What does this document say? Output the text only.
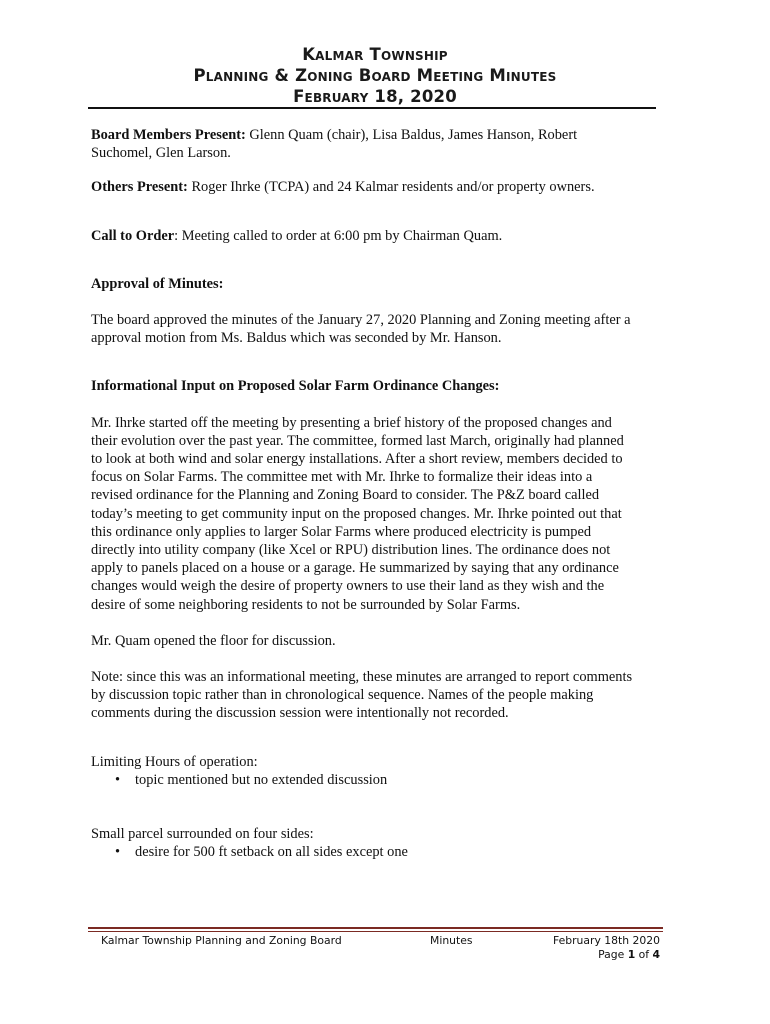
Kalmar Township
Planning & Zoning Board Meeting Minutes
February 18, 2020

Board Members Present: Glenn Quam (chair), Lisa Baldus, James Hanson, Robert
Suchomel, Glen Larson.

Others Present: Roger Ihrke (TCPA) and 24 Kalmar residents and/or property owners.

Call to Order: Meeting called to order at 6:00 pm by Chairman Quam.

Approval of Minutes:

The board approved the minutes of the January 27, 2020 Planning and Zoning meeting after a
approval motion from Ms. Baldus which was seconded by Mr. Hanson.

Informational Input on Proposed Solar Farm Ordinance Changes:

Mr. Ihrke started off the meeting by presenting a brief history of the proposed changes and
their evolution over the past year. The committee, formed last March, originally had planned
to look at both wind and solar energy installations. After a short review, members decided to
focus on Solar Farms. The committee met with Mr. Ihrke to formalize their ideas into a
revised ordinance for the Planning and Zoning Board to consider. The P&Z board called
today’s meeting to get community input on the proposed changes. Mr. Ihrke pointed out that
this ordinance only applies to larger Solar Farms where produced electricity is pumped
directly into utility company (like Xcel or RPU) distribution lines. The ordinance does not
apply to panels placed on a house or a garage. He summarized by saying that any ordinance
changes would weigh the desire of property owners to use their land as they wish and the
desire of some neighboring residents to not be surrounded by Solar Farms.

Mr. Quam opened the floor for discussion.

Note: since this was an informational meeting, these minutes are arranged to report comments
by discussion topic rather than in chronological sequence. Names of the people making
comments during the discussion session were intentionally not recorded.

Limiting Hours of operation:

• topic mentioned but no extended discussion

Small parcel surrounded on four sides:

• desire for 500 ft setback on all sides except one

Kalmar Township Planning and Zoning Board	Minutes	February 18th 2020
Page 1 of 4
